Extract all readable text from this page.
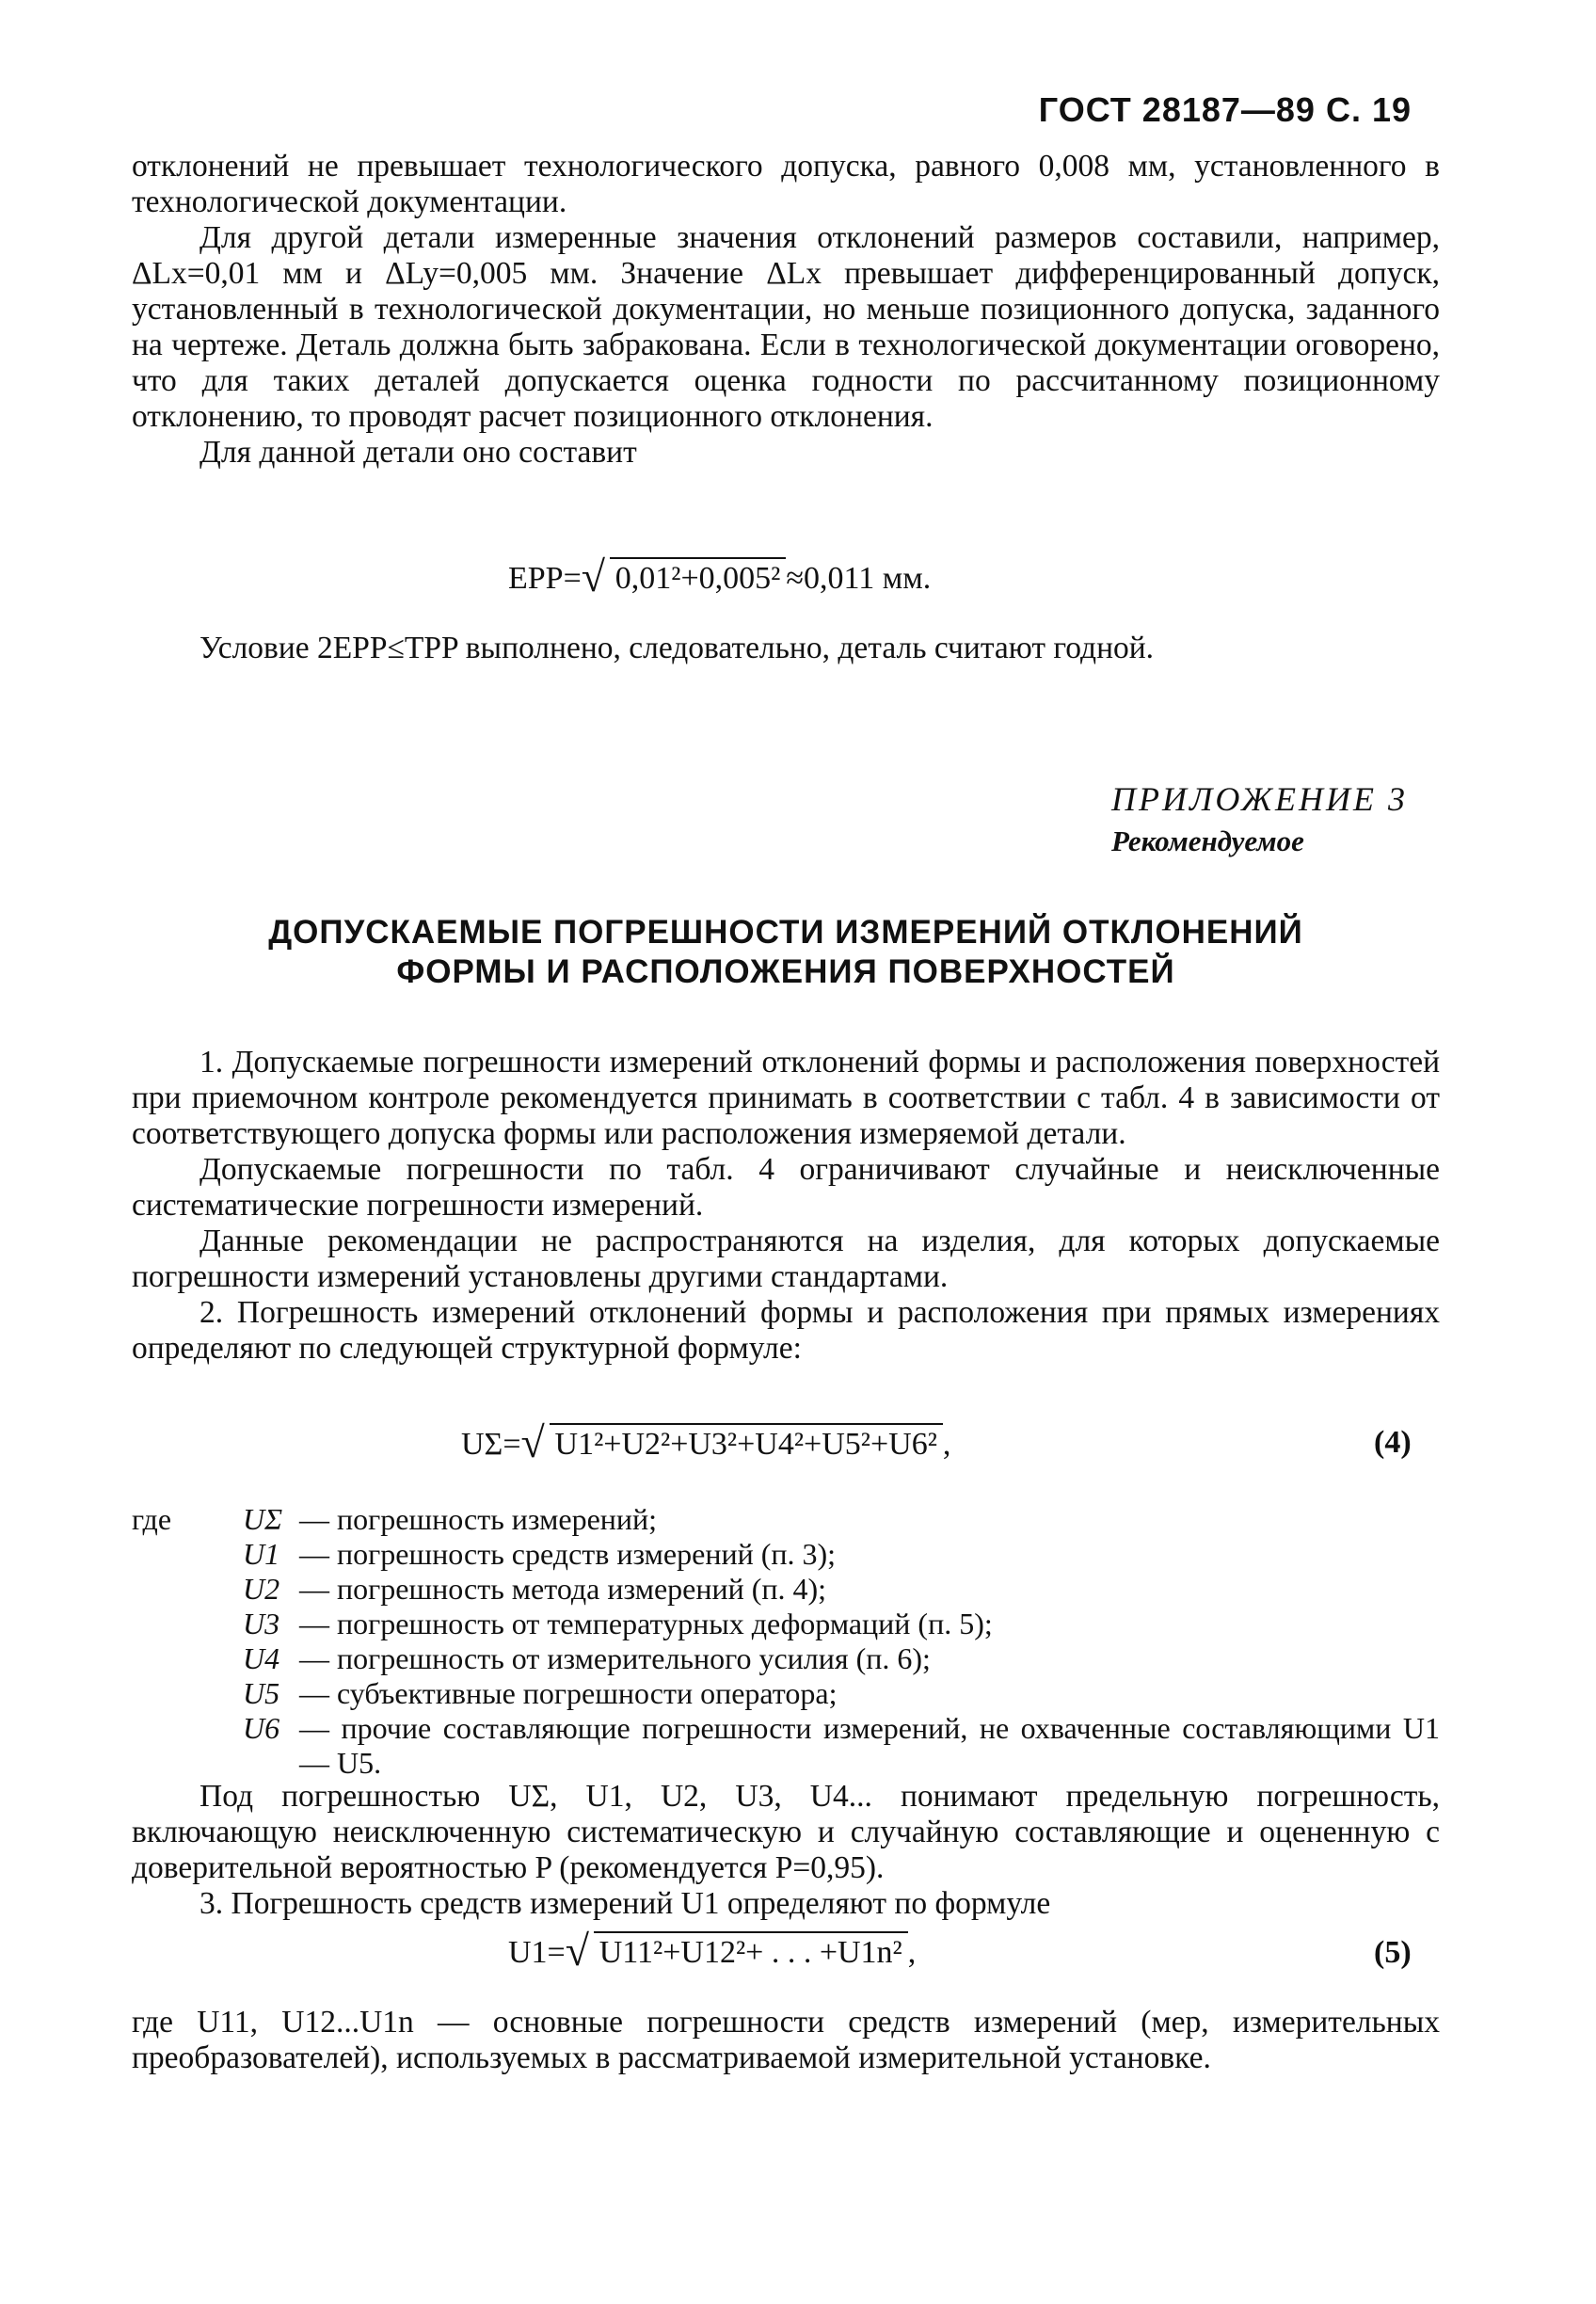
ГОСТ 28187—89 С. 19

отклонений не превышает технологического допуска, равного 0,008 мм, установленного в технологической документации.

Для другой детали измеренные значения отклонений размеров составили, например, ΔLx=0,01 мм и ΔLy=0,005 мм. Значение ΔLx превышает дифференцированный допуск, установленный в технологической документации, но меньше позиционного допуска, заданного на чертеже. Деталь должна быть забракована. Если в технологической документации оговорено, что для таких деталей допускается оценка годности по рассчитанному позиционному отклонению, то проводят расчет позиционного отклонения.

Для данной детали оно составит

EPP= √ 0,01²+0,005² ≈0,011 мм.

Условие 2EPP≤TPP выполнено, следовательно, деталь считают годной.

ПРИЛОЖЕНИЕ 3
Рекомендуемое
ДОПУСКАЕМЫЕ ПОГРЕШНОСТИ ИЗМЕРЕНИЙ ОТКЛОНЕНИЙ
ФОРМЫ И РАСПОЛОЖЕНИЯ ПОВЕРХНОСТЕЙ

1. Допускаемые погрешности измерений отклонений формы и расположения поверхностей при приемочном контроле рекомендуется принимать в соответствии с табл. 4 в зависимости от соответствующего допуска формы или расположения измеряемой детали.

Допускаемые погрешности по табл. 4 ограничивают случайные и неисключенные систематические погрешности измерений.

Данные рекомендации не распространяются на изделия, для которых допускаемые погрешности измерений установлены другими стандартами.

2. Погрешность измерений отклонений формы и расположения при прямых измерениях определяют по следующей структурной формуле:

UΣ= √ U1²+U2²+U3²+U4²+U5²+U6² ,	(4)
где	UΣ — погрешность измерений;
U1 — погрешность средств измерений (п. 3);
U2 — погрешность метода измерений (п. 4);
U3 — погрешность от температурных деформаций (п. 5);
U4 — погрешность от измерительного усилия (п. 6);
U5 — субъективные погрешности оператора;
U6 — прочие составляющие погрешности измерений, не охваченные составляющими U1 — U5.

Под погрешностью UΣ, U1, U2, U3, U4... понимают предельную погрешность, включающую неисключенную систематическую и случайную составляющие и оцененную с доверительной вероятностью P (рекомендуется P=0,95).

3. Погрешность средств измерений U1 определяют по формуле

U1= √ U11²+U12²+ . . . +U1n² ,	(5)

где U11, U12...U1n — основные погрешности средств измерений (мер, измерительных преобразователей), используемых в рассматриваемой измерительной установке.
